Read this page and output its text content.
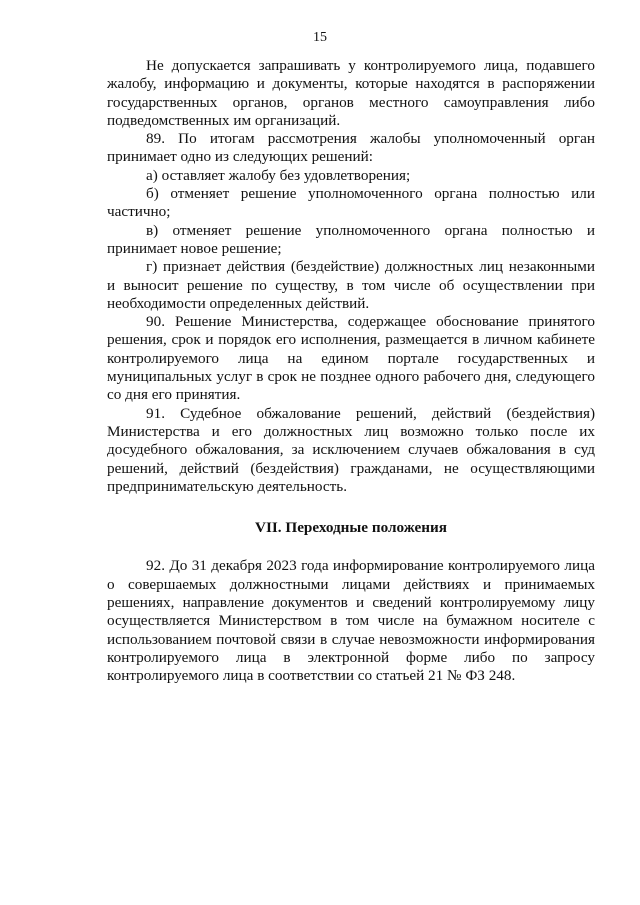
15

Не допускается запрашивать у контролируемого лица, подавшего жалобу, информацию и документы, которые находятся в распоряжении государственных органов, органов местного самоуправления либо подведомственных им организаций.

89. По итогам рассмотрения жалобы уполномоченный орган принимает одно из следующих решений:

а) оставляет жалобу без удовлетворения;

б) отменяет решение уполномоченного органа полностью или частично;

в) отменяет решение уполномоченного органа полностью и принимает новое решение;

г) признает действия (бездействие) должностных лиц незаконными и выносит решение по существу, в том числе об осуществлении при необходимости определенных действий.

90. Решение Министерства, содержащее обоснование принятого решения, срок и порядок его исполнения, размещается в личном кабинете контролируемого лица на едином портале государственных и муниципальных услуг в срок не позднее одного рабочего дня, следующего со дня его принятия.

91. Судебное обжалование решений, действий (бездействия) Министерства и его должностных лиц возможно только после их досудебного обжалования, за исключением случаев обжалования в суд решений, действий (бездействия) гражданами, не осуществляющими предпринимательскую деятельность.

VII. Переходные положения

92. До 31 декабря 2023 года информирование контролируемого лица о совершаемых должностными лицами действиях и принимаемых решениях, направление документов и сведений контролируемому лицу осуществляется Министерством в том числе на бумажном носителе с использованием почтовой связи в случае невозможности информирования контролируемого лица в электронной форме либо по запросу контролируемого лица в соответствии со статьей 21 № ФЗ 248.
